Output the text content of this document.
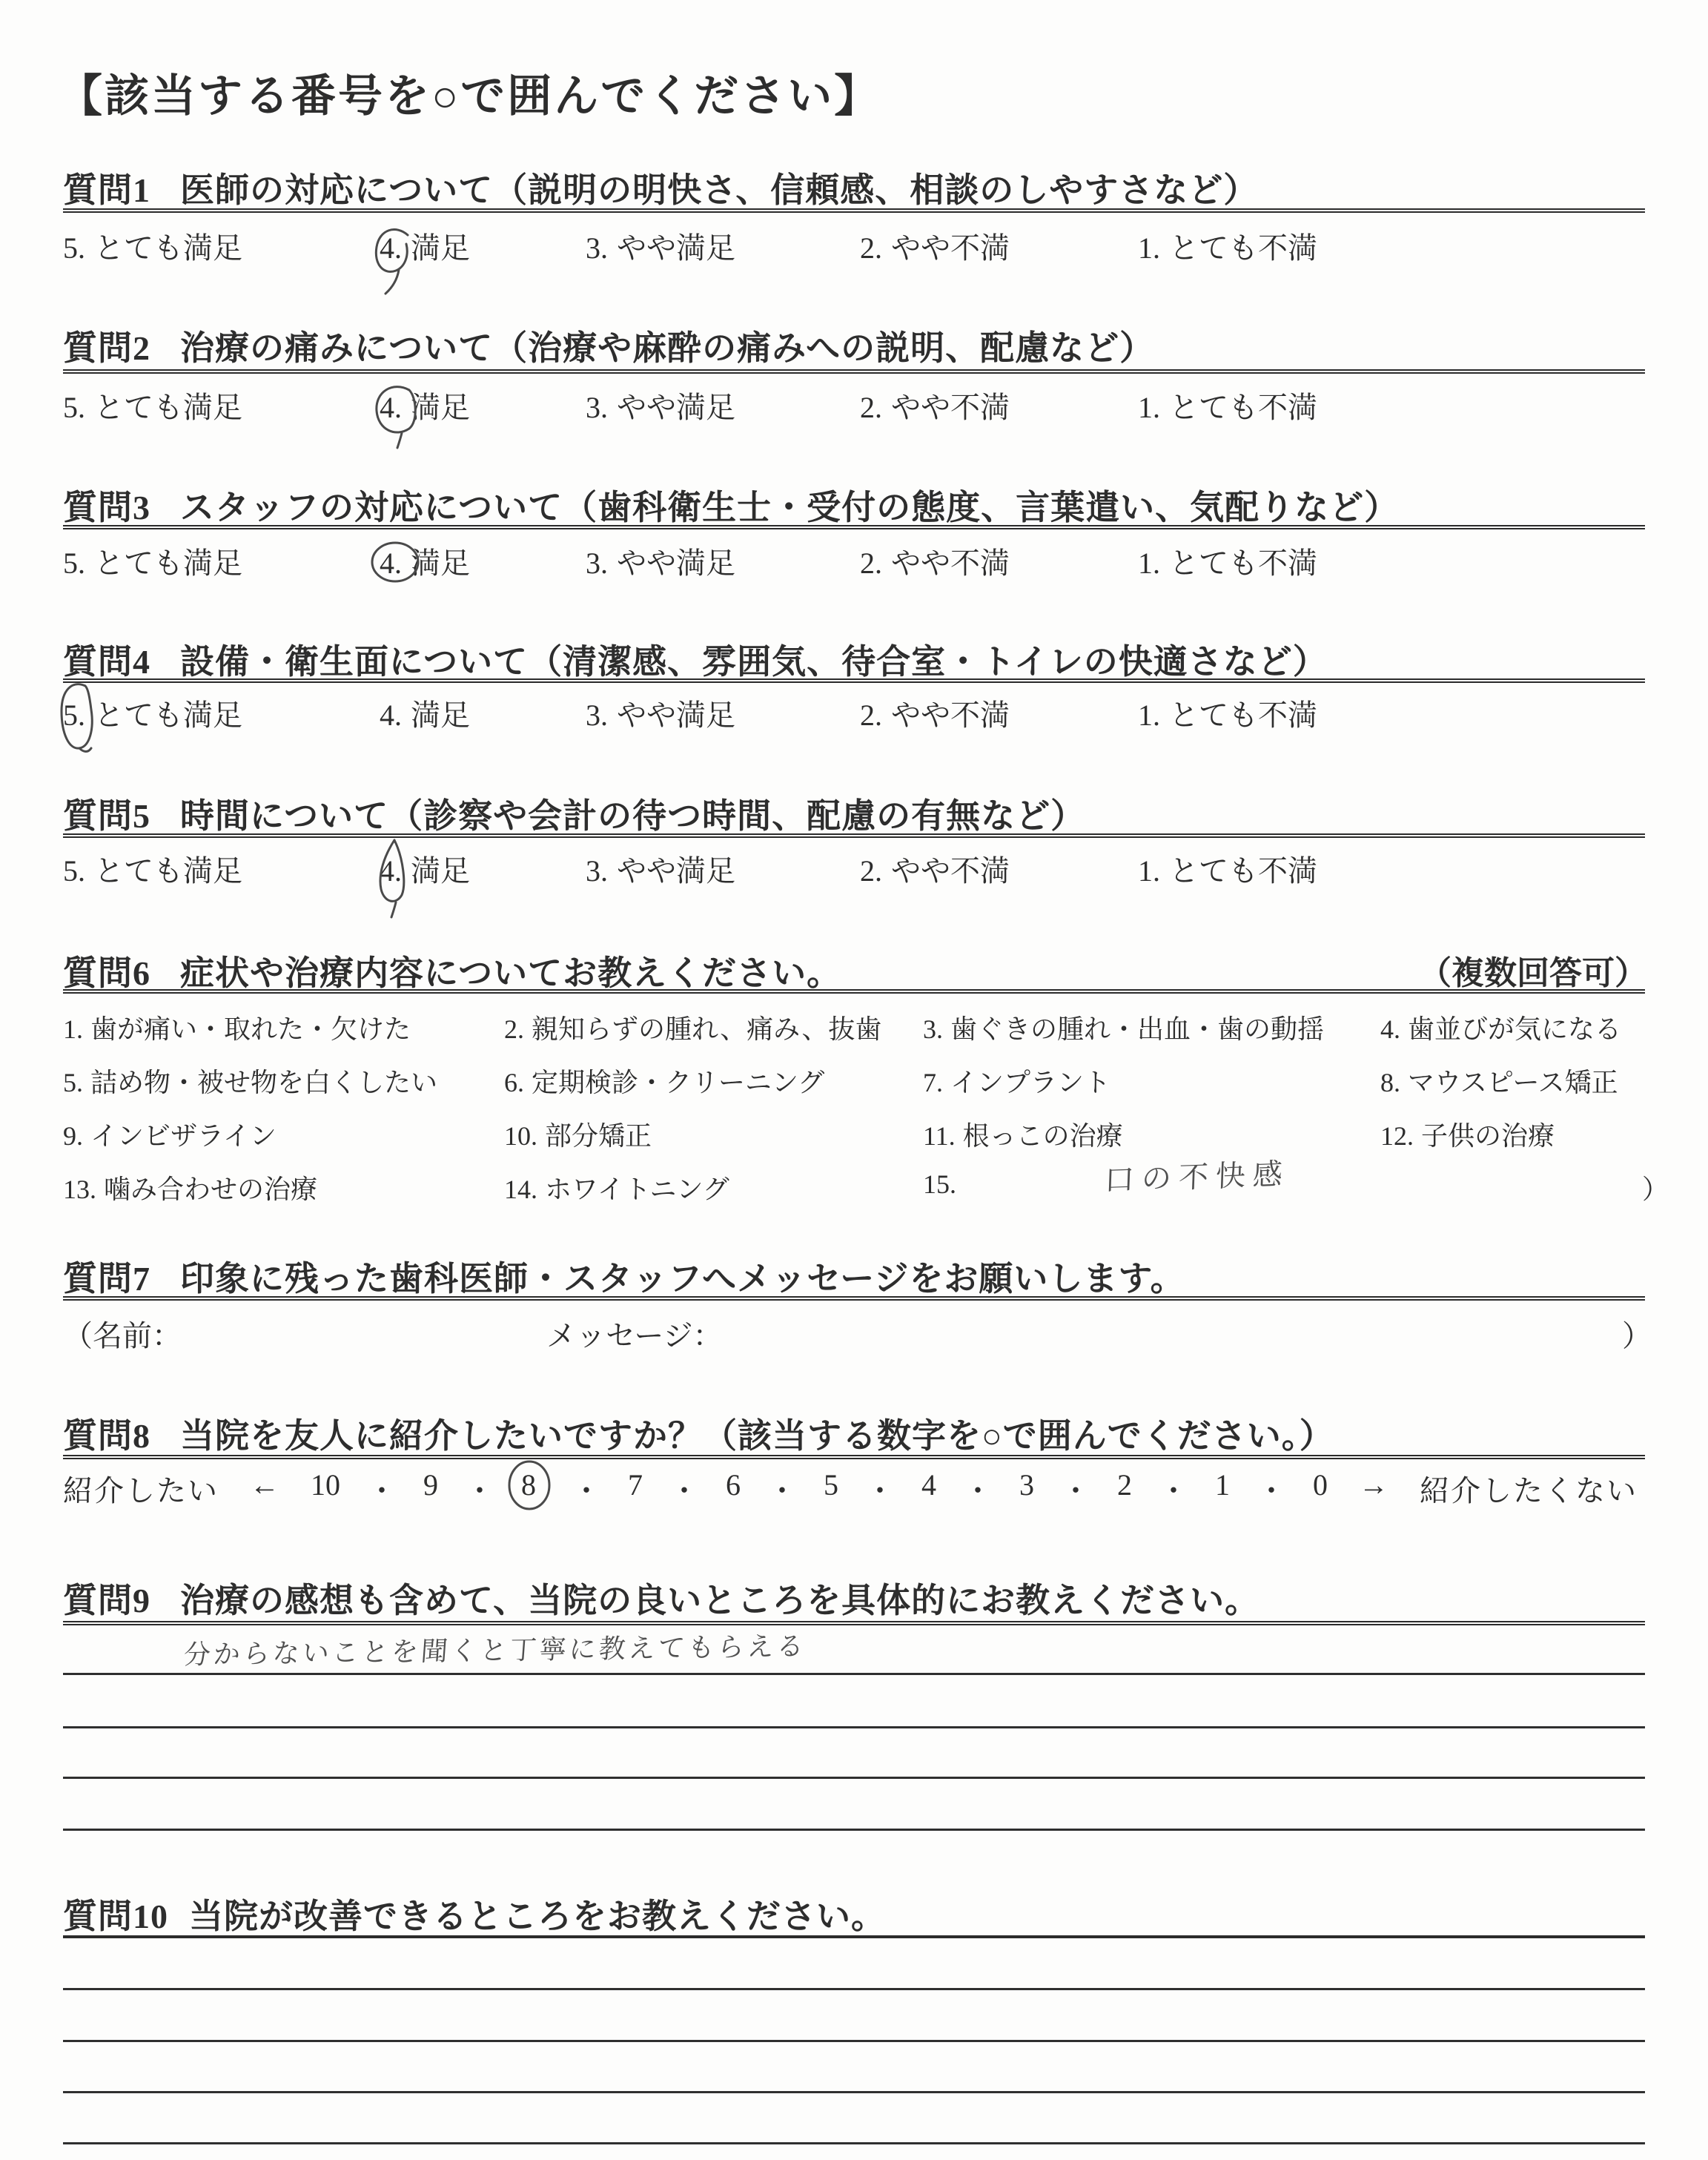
【該当する番号を○で囲んでください】
質問1 医師の対応について（説明の明快さ、信頼感、相談のしやすさなど）
5. とても満足	4. 満足	3. やや満足	2. やや不満	1. とても不満
質問2 治療の痛みについて（治療や麻酔の痛みへの説明、配慮など）
5. とても満足	4. 満足	3. やや満足	2. やや不満	1. とても不満
質問3 スタッフの対応について（歯科衛生士・受付の態度、言葉遣い、気配りなど）
5. とても満足	4. 満足	3. やや満足	2. やや不満	1. とても不満
質問4 設備・衛生面について（清潔感、雰囲気、待合室・トイレの快適さなど）
5. とても満足	4. 満足	3. やや満足	2. やや不満	1. とても不満
質問5 時間について（診察や会計の待つ時間、配慮の有無など）
5. とても満足	4. 満足	3. やや満足	2. やや不満	1. とても不満
質問6 症状や治療内容についてお教えください。	（複数回答可）
1. 歯が痛い・取れた・欠けた	2. 親知らずの腫れ、痛み、抜歯 3. 歯ぐきの腫れ・出血・歯の動揺 4. 歯並びが気になる
5. 詰め物・被せ物を白くしたい 6. 定期検診・クリーニング	7. インプラント	8. マウスピース矯正
9. インビザライン	10. 部分矯正	11. 根っこの治療	12. 子供の治療
13. 噛み合わせの治療	14. ホワイトニング	15.	口の不快感	）
質問7 印象に残った歯科医師・スタッフへメッセージをお願いします。
（名前：	メッセージ：	）
質問8 当院を友人に紹介したいですか？（該当する数字を○で囲んでください。）
紹介したい ← 10 ・ 9 ・ 8 ・ 7 ・ 6 ・ 5 ・ 4 ・ 3 ・ 2 ・ 1 ・ 0 → 紹介したくない
質問9 治療の感想も含めて、当院の良いところを具体的にお教えください。
分からないことを聞くと丁寧に教えてもらえる
質問10 当院が改善できるところをお教えください。
